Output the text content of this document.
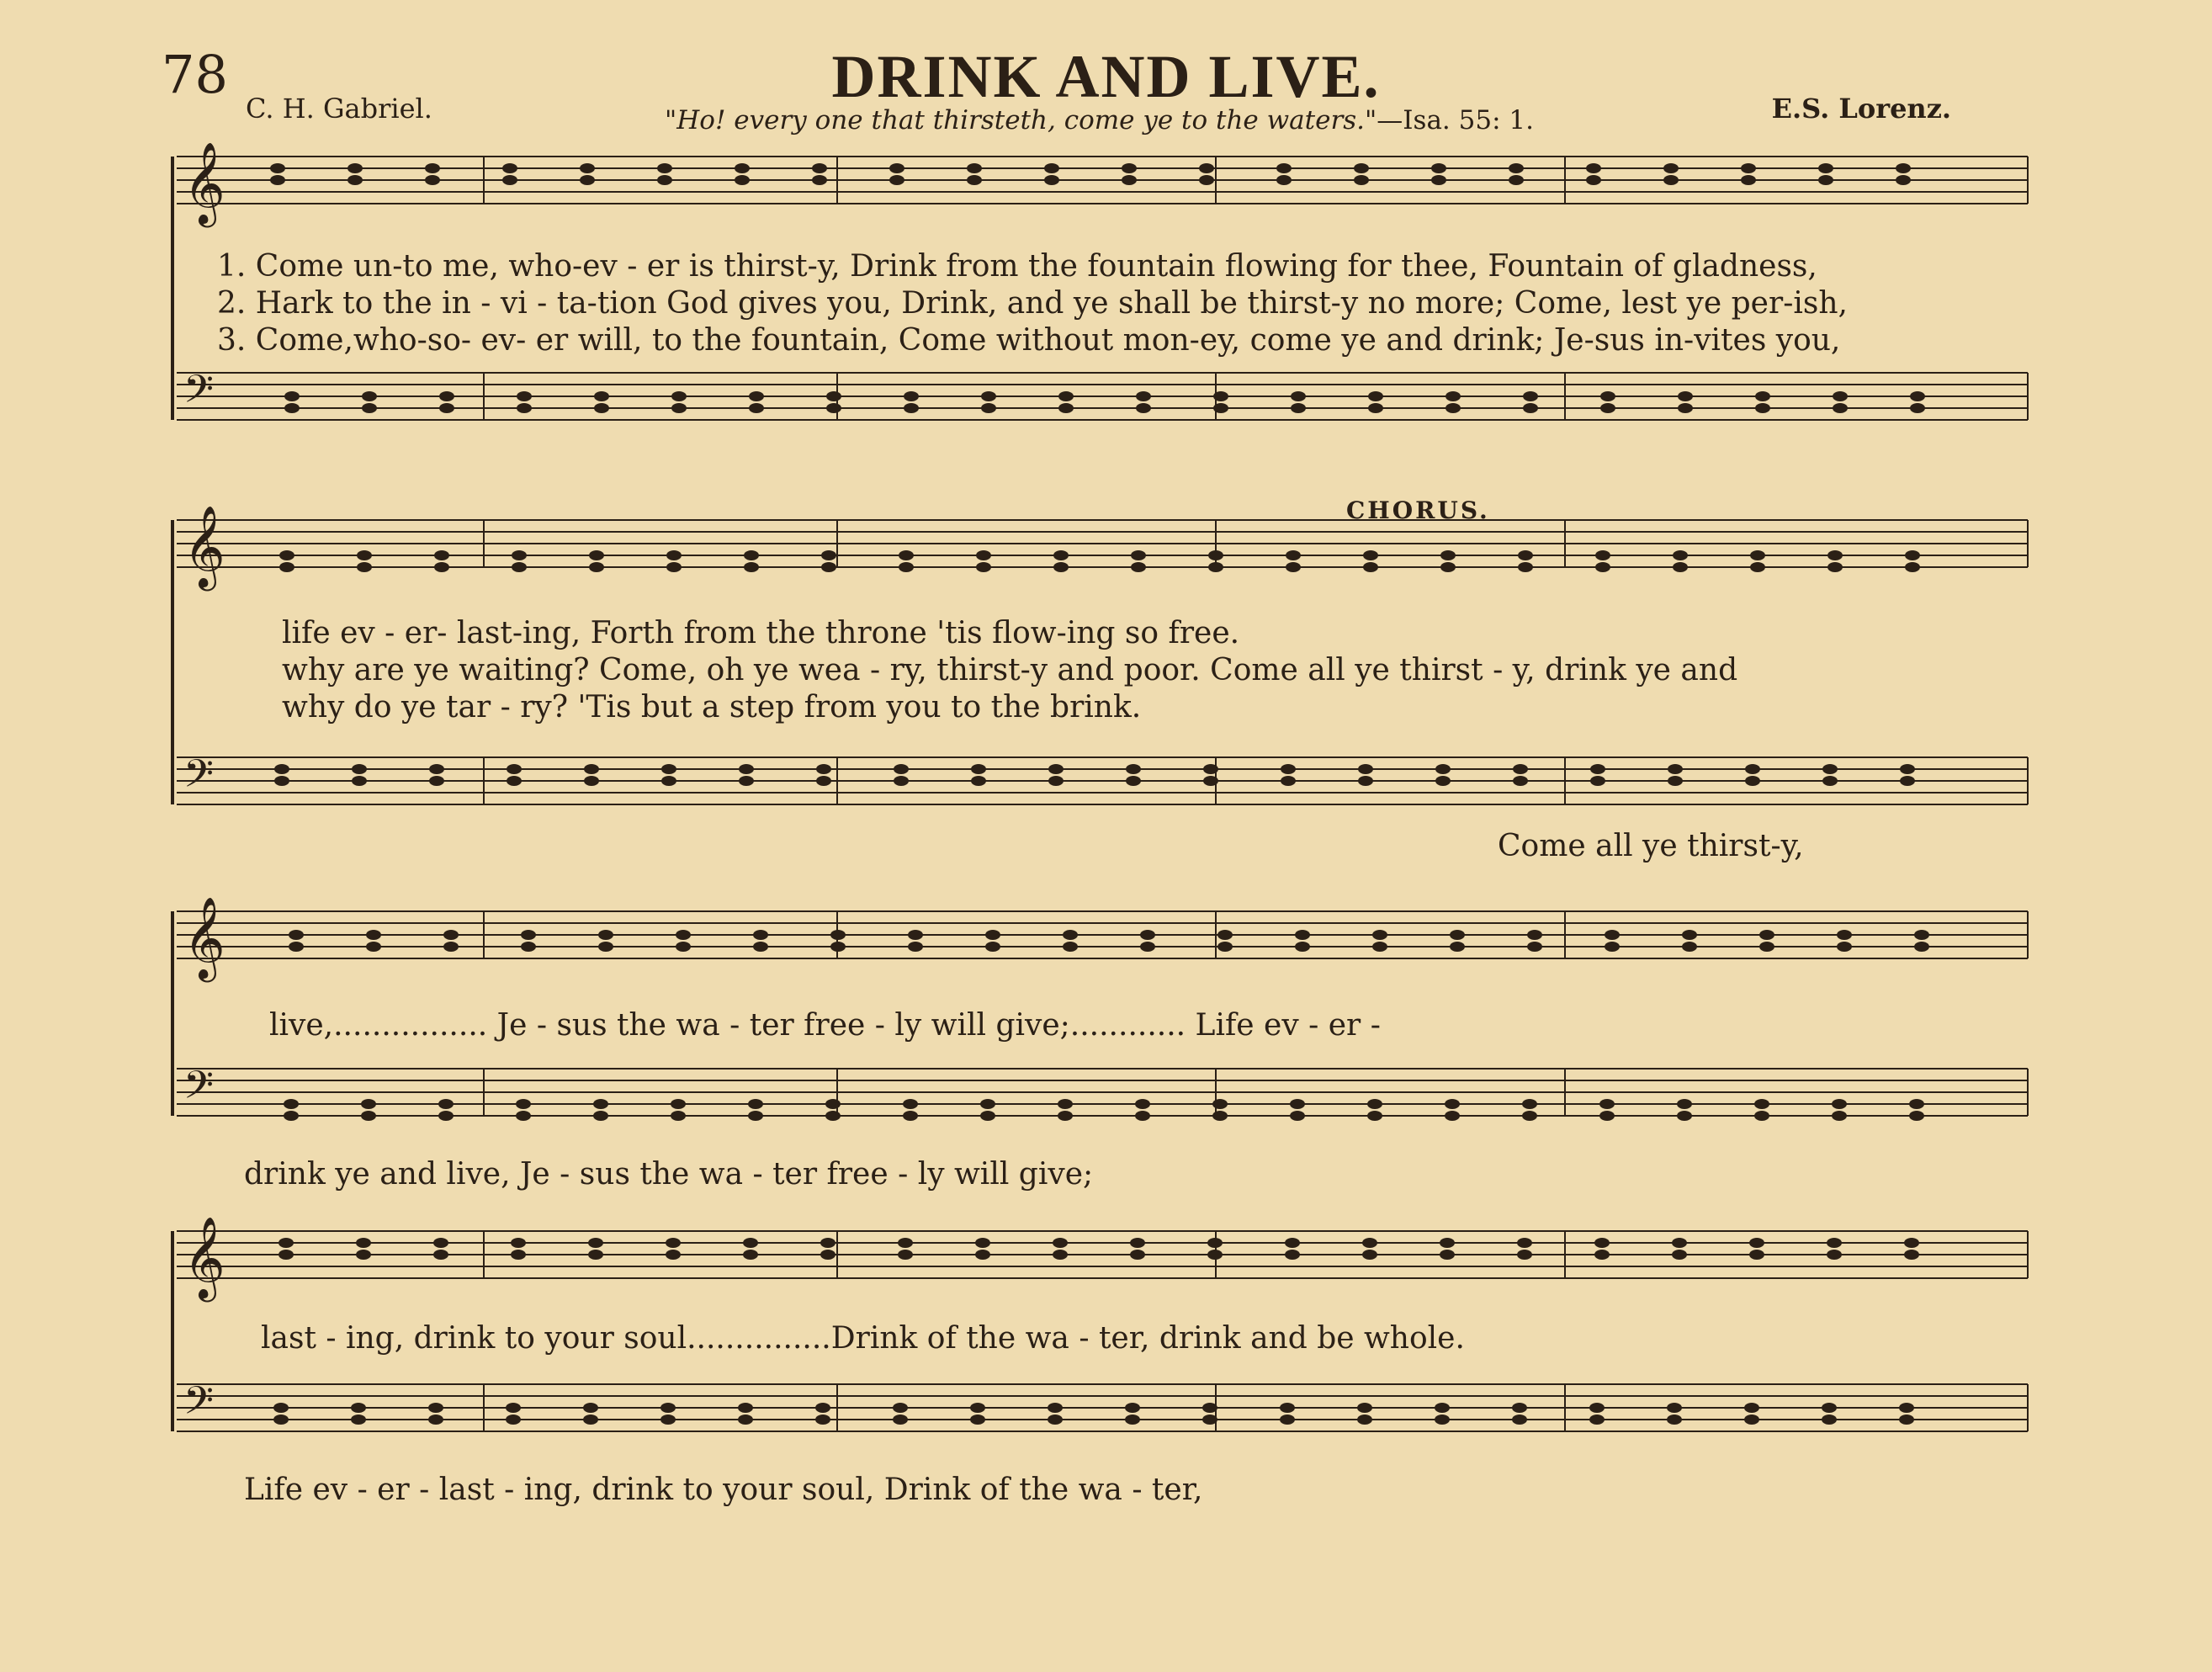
78	DRINK AND LIVE.
C. H. Gabriel.	E.S. Lorenz.
"Ho! every one that thirsteth, come ye to the waters."—Isa. 55: 1.
𝄞
𝄢
𝄞
𝄢
𝄞
𝄢
𝄞
𝄢
CHORUS.
1. Come un-to me, who-ev - er is thirst-y, Drink from the fountain flowing for thee, Fountain of gladness,
2. Hark to the in - vi - ta-tion God gives you, Drink, and ye shall be thirst-y no more; Come, lest ye per-ish,
3. Come,who-so- ev- er will, to the fountain, Come without mon-ey, come ye and drink; Je-sus in-vites you,
life ev - er- last-ing, Forth from the throne 'tis flow-ing so free.
why are ye waiting? Come, oh ye wea - ry, thirst-y and poor. Come all ye thirst - y, drink ye and
why do ye tar - ry? 'Tis but a step from you to the brink.
Come all ye thirst-y,
live,................ Je - sus the wa - ter free - ly will give;............ Life ev - er -
drink ye and live, Je - sus the wa - ter free - ly will give;
last - ing, drink to your soul...............Drink of the wa - ter, drink and be whole.
Life ev - er - last - ing, drink to your soul, Drink of the wa - ter,
